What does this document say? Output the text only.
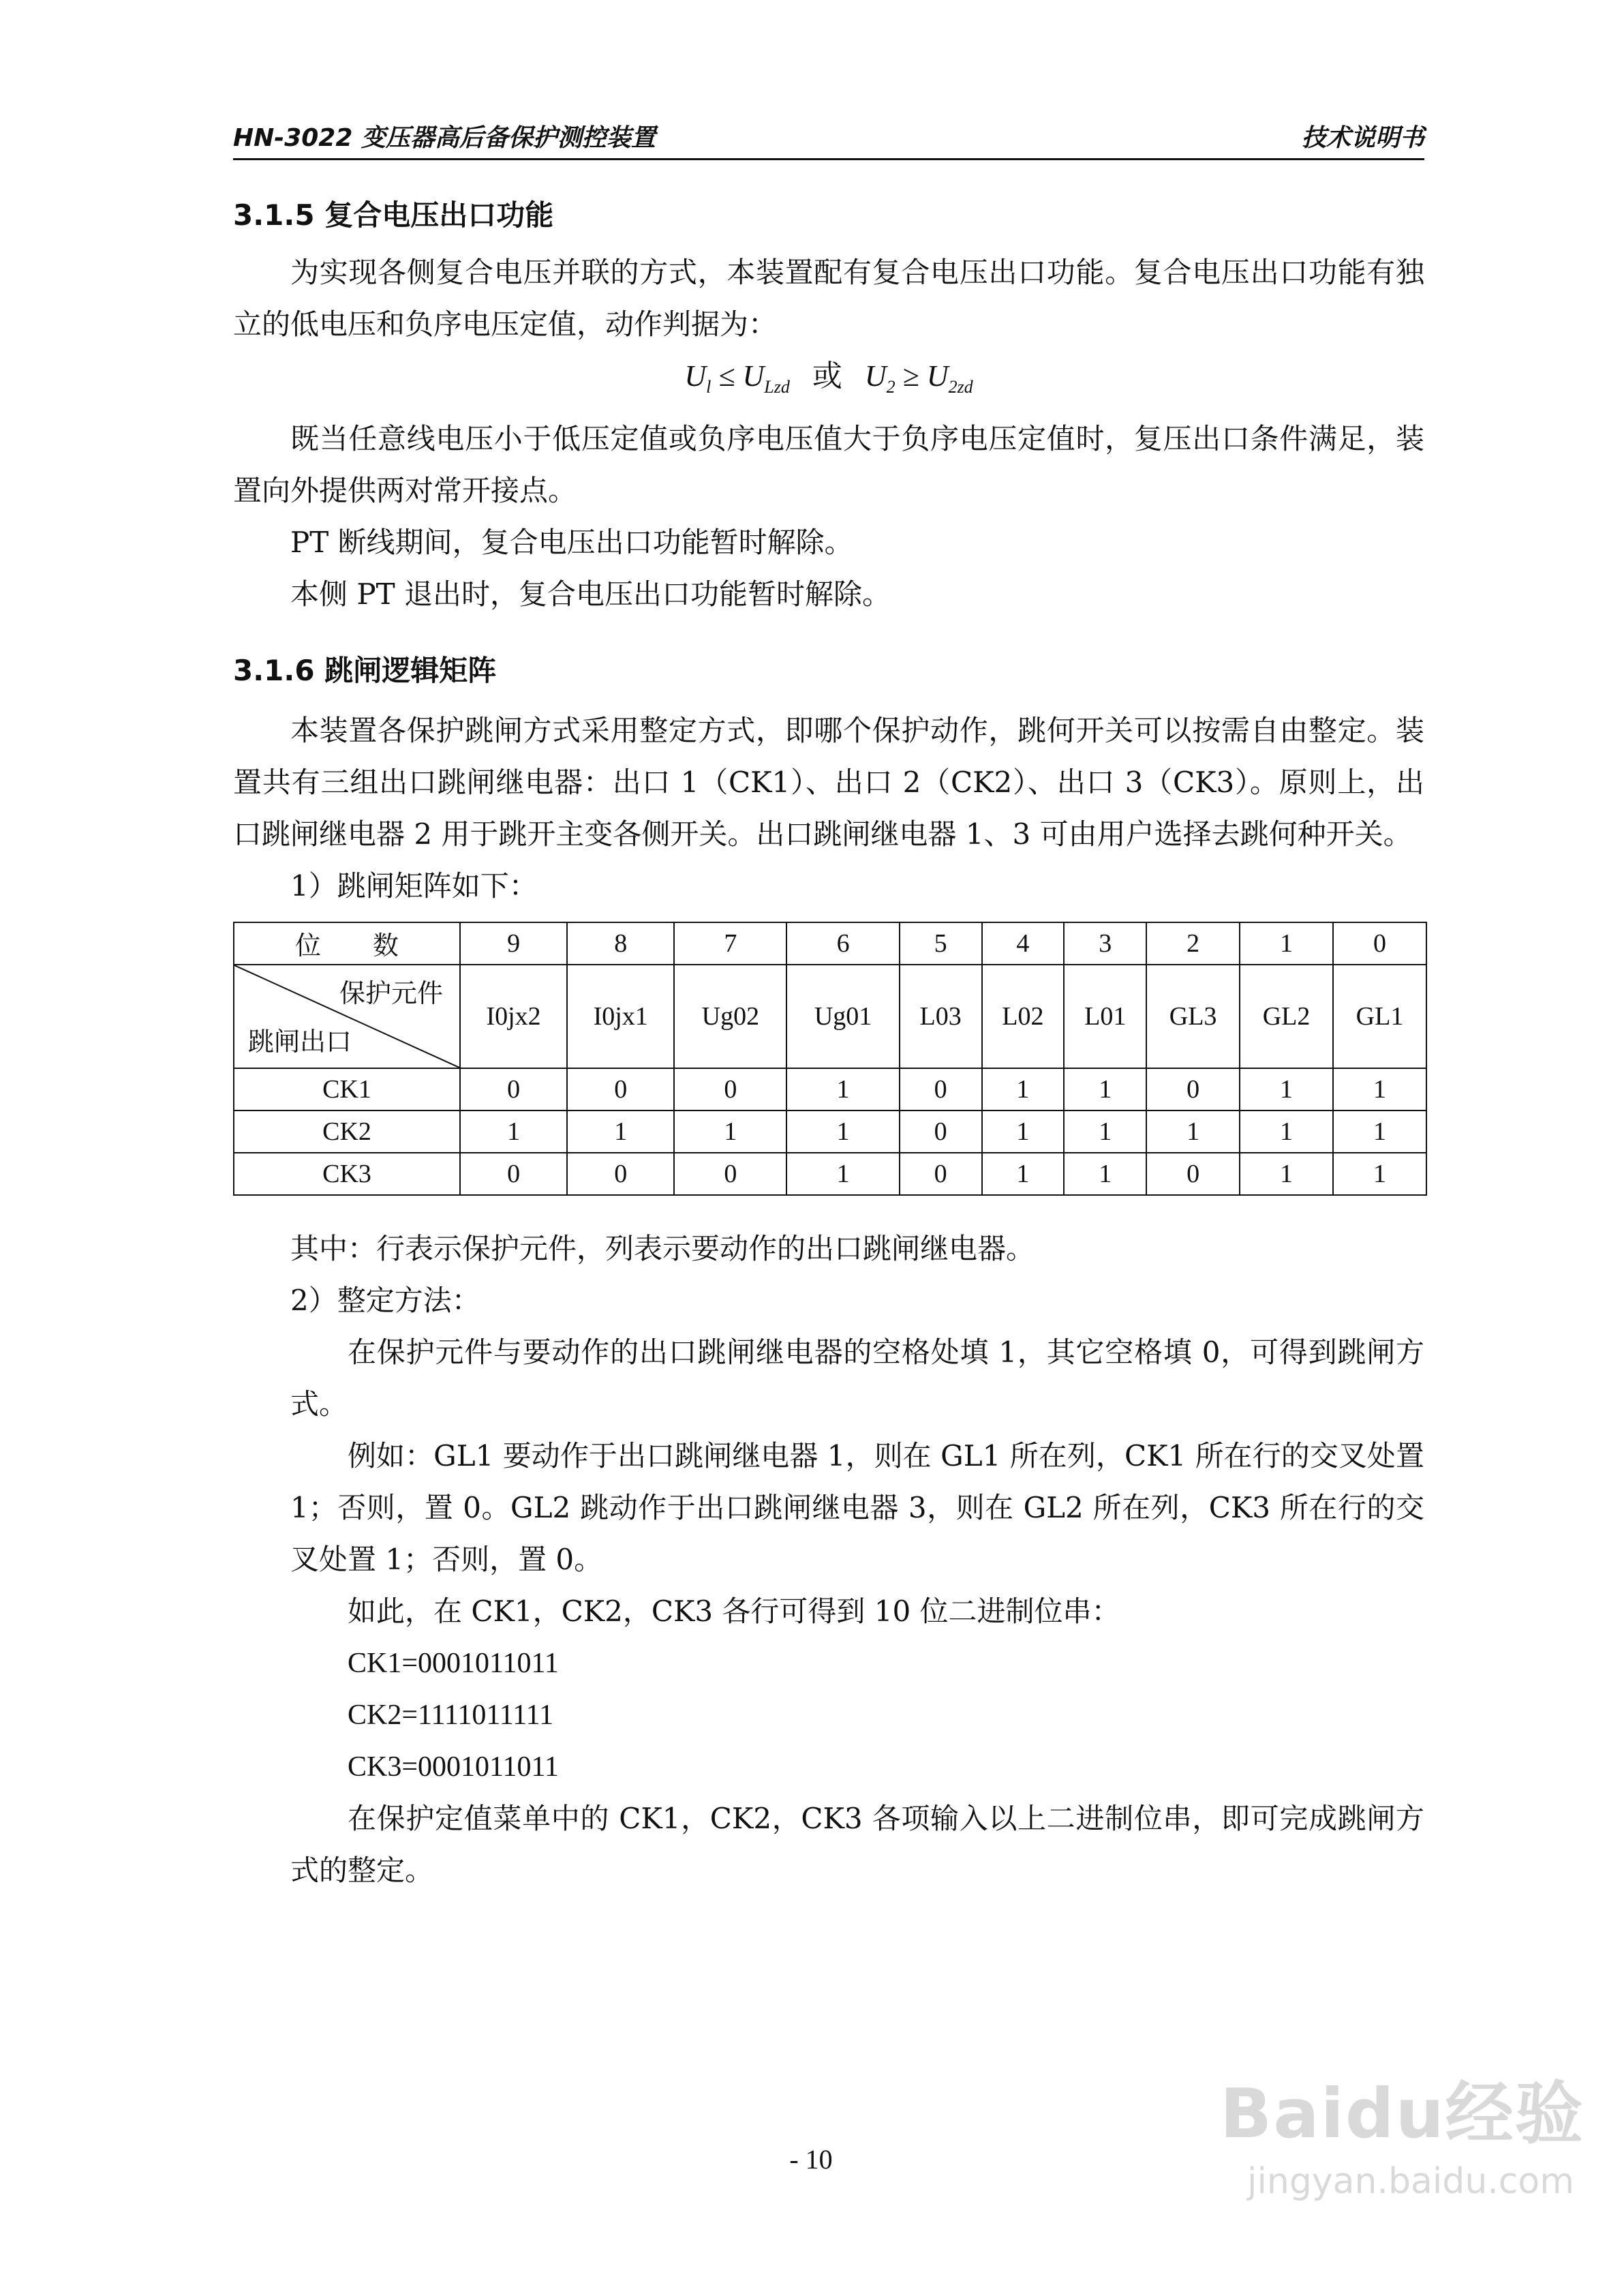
HN-3022 变压器高后备保护测控装置	技术说明书
3.1.5 复合电压出口功能

为实现各侧复合电压并联的方式，本装置配有复合电压出口功能。复合电压出口功能有独立的低电压和负序电压定值，动作判据为：

$U_l \le U_{Lzd}$ 或 $U_2 \ge U_{2zd}$

既当任意线电压小于低压定值或负序电压值大于负序电压定值时，复压出口条件满足，装置向外提供两对常开接点。

PT 断线期间，复合电压出口功能暂时解除。

本侧 PT 退出时，复合电压出口功能暂时解除。

3.1.6 跳闸逻辑矩阵

本装置各保护跳闸方式采用整定方式，即哪个保护动作，跳何开关可以按需自由整定。装置共有三组出口跳闸继电器：出口 1（CK1）、出口 2（CK2）、出口 3（CK3）。原则上，出口跳闸继电器 2 用于跳开主变各侧开关。出口跳闸继电器 1、3 可由用户选择去跳何种开关。

1）跳闸矩阵如下：

位　　数	9	8	7	6	5	4	3	2	1	0

保护元件
跳闸出口	I0jx2	I0jx1	Ug02	Ug01	L03	L02	L01	GL3	GL2	GL1
CK1	0	0	0	1	0	1	1	0	1	1
CK2	1	1	1	1	0	1	1	1	1	1
CK3	0	0	0	1	0	1	1	0	1	1

其中：行表示保护元件，列表示要动作的出口跳闸继电器。

2）整定方法：

在保护元件与要动作的出口跳闸继电器的空格处填 1，其它空格填 0，可得到跳闸方式。

例如：GL1 要动作于出口跳闸继电器 1，则在 GL1 所在列，CK1 所在行的交叉处置 1；否则，置 0。GL2 跳动作于出口跳闸继电器 3，则在 GL2 所在列，CK3 所在行的交叉处置 1；否则，置 0。

如此，在 CK1，CK2，CK3 各行可得到 10 位二进制位串：

CK1=0001011011

CK2=1111011111

CK3=0001011011

在保护定值菜单中的 CK1，CK2，CK3 各项输入以上二进制位串，即可完成跳闸方式的整定。

- 10
Baidu经验
jingyan.baidu.com
